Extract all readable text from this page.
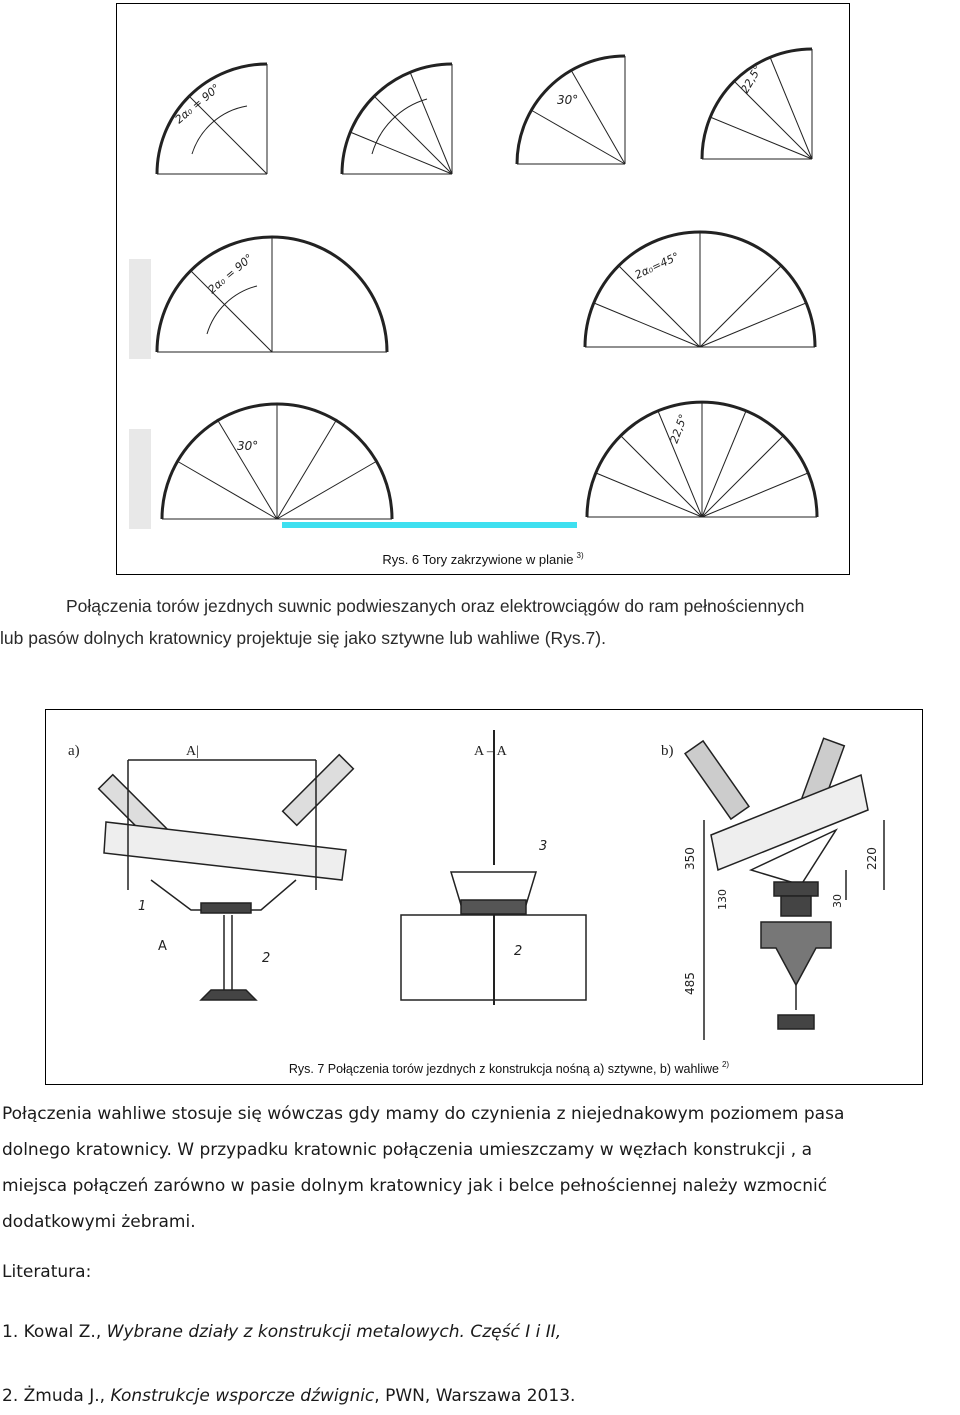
2α₀ = 90°	30°
22,5°
2α₀ = 90°	2α₀=45°
30°
22,5°
Rys. 6 Tory zakrzywione w planie $^{3)}$
Połączenia torów jezdnych suwnic podwieszanych oraz elektrowciągów do ram pełnościennych
lub pasów dolnych kratownicy projektuje się jako sztywne lub wahliwe (Rys.7).
a)	A|
1
A
2
A – A
3
2
b)
350	220
130	30
485
Rys. 7 Połączenia torów jezdnych z konstrukcja nośną a) sztywne, b) wahliwe $^{2)}$
Połączenia wahliwe stosuje się wówczas gdy mamy do czynienia z niejednakowym poziomem pasa
dolnego kratownicy. W przypadku kratownic połączenia umieszczamy w węzłach konstrukcji , a
miejsca połączeń zarówno w pasie dolnym kratownicy jak i belce pełnościennej należy wzmocnić
dodatkowymi żebrami.
Literatura:
1. Kowal Z., Wybrane działy z konstrukcji metalowych. Część I i II,
2. Żmuda J., Konstrukcje wsporcze dźwignic, PWN, Warszawa 2013.
